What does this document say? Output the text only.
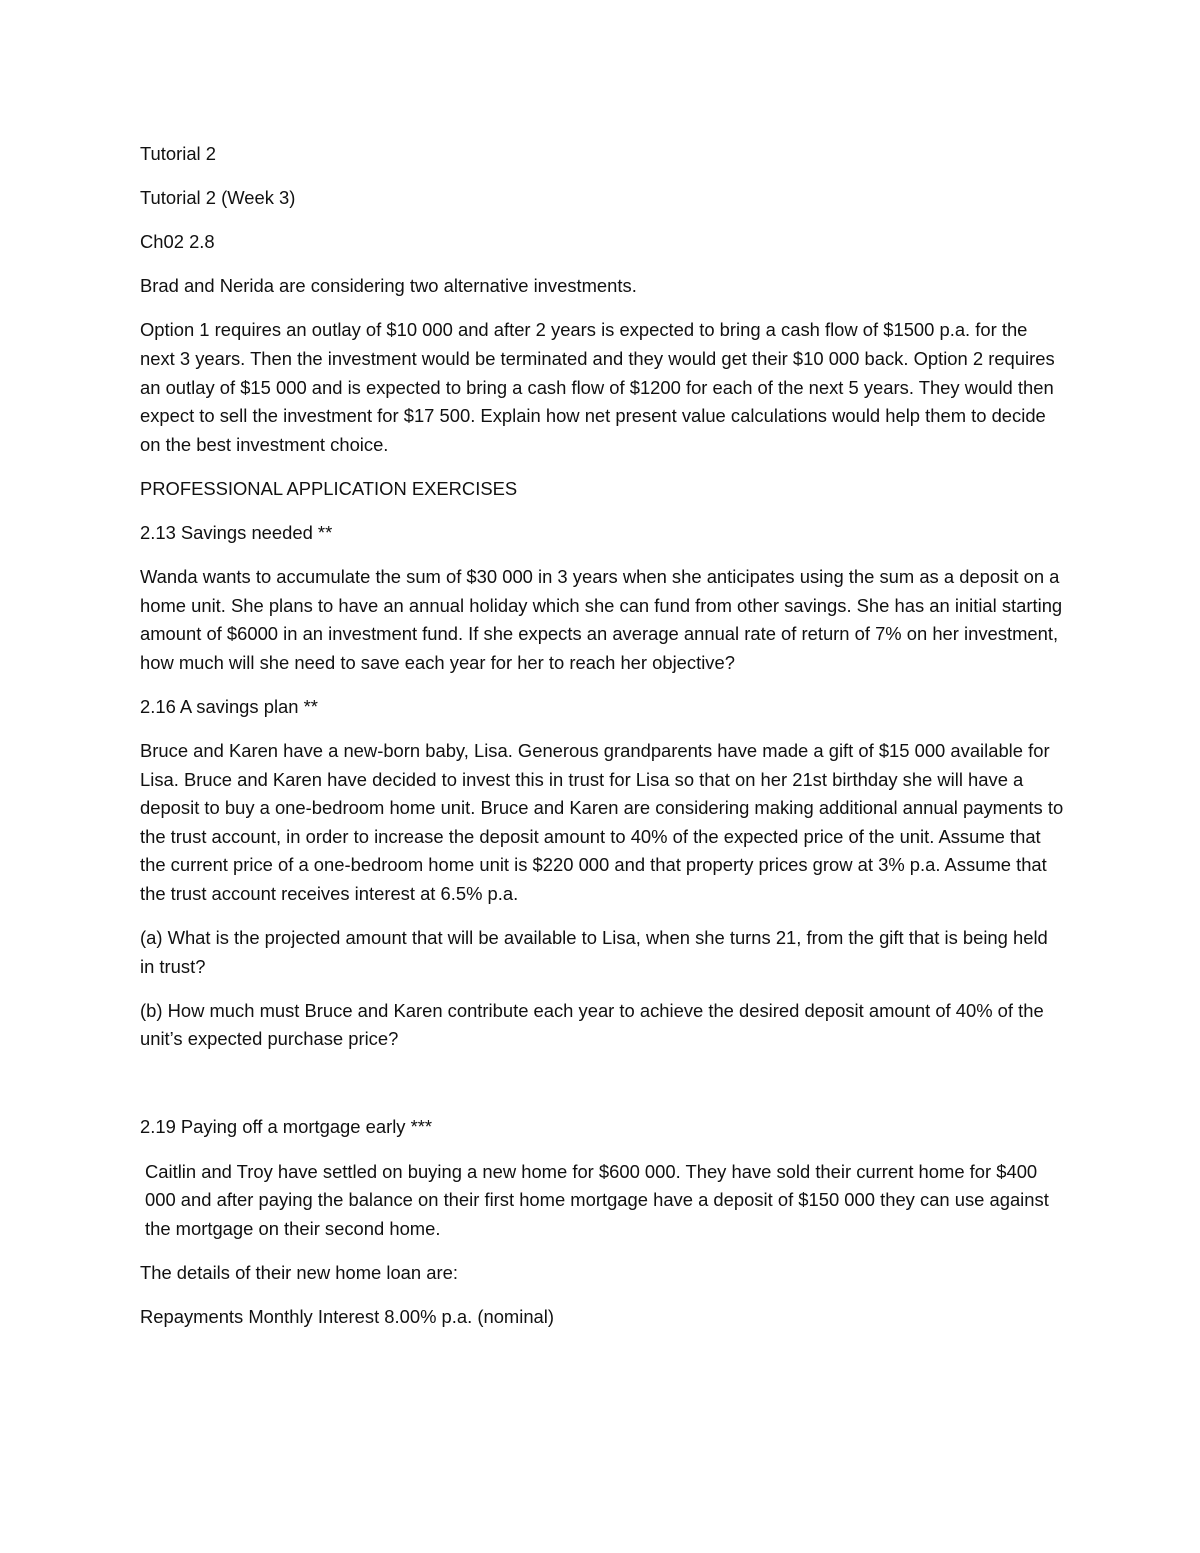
Tutorial 2

Tutorial 2 (Week 3)

Ch02 2.8

Brad and Nerida are considering two alternative investments.

Option 1 requires an outlay of $10 000 and after 2 years is expected to bring a cash flow of $1500 p.a. for the next 3 years. Then the investment would be terminated and they would get their $10 000 back. Option 2 requires an outlay of $15 000 and is expected to bring a cash flow of $1200 for each of the next 5 years. They would then expect to sell the investment for $17 500. Explain how net present value calculations would help them to decide on the best investment choice.

PROFESSIONAL APPLICATION EXERCISES

2.13 Savings needed **

Wanda wants to accumulate the sum of $30 000 in 3 years when she anticipates using the sum as a deposit on a home unit. She plans to have an annual holiday which she can fund from other savings. She has an initial starting amount of $6000 in an investment fund. If she expects an average annual rate of return of 7% on her investment, how much will she need to save each year for her to reach her objective?

2.16 A savings plan **

Bruce and Karen have a new-born baby, Lisa. Generous grandparents have made a gift of $15 000 available for Lisa. Bruce and Karen have decided to invest this in trust for Lisa so that on her 21st birthday she will have a deposit to buy a one-bedroom home unit. Bruce and Karen are considering making additional annual payments to the trust account, in order to increase the deposit amount to 40% of the expected price of the unit. Assume that the current price of a one-bedroom home unit is $220 000 and that property prices grow at 3% p.a. Assume that the trust account receives interest at 6.5% p.a.

(a) What is the projected amount that will be available to Lisa, when she turns 21, from the gift that is being held in trust?

(b) How much must Bruce and Karen contribute each year to achieve the desired deposit amount of 40% of the unit’s expected purchase price?

2.19 Paying off a mortgage early ***

Caitlin and Troy have settled on buying a new home for $600 000. They have sold their current home for $400 000 and after paying the balance on their first home mortgage have a deposit of $150 000 they can use against the mortgage on their second home.

The details of their new home loan are:

Repayments Monthly Interest 8.00% p.a. (nominal)
